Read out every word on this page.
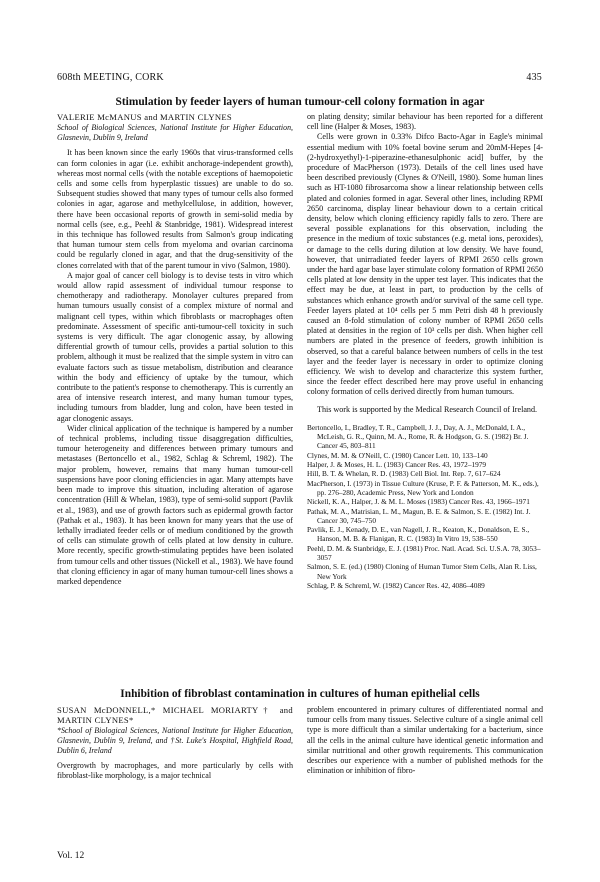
608th MEETING, CORK	435
Stimulation by feeder layers of human tumour-cell colony formation in agar
VALERIE McMANUS and MARTIN CLYNES
School of Biological Sciences, National Institute for Higher Education, Glasnevin, Dublin 9, Ireland

It has been known since the early 1960s that virus-transformed cells can form colonies in agar (i.e. exhibit anchorage-independent growth), whereas most normal cells (with the notable exceptions of haemopoietic cells and some cells from hyperplastic tissues) are unable to do so. Subsequent studies showed that many types of tumour cells also formed colonies in agar, agarose and methylcellulose, in addition, however, there have been occasional reports of growth in semi-solid media by normal cells (see, e.g., Peehl & Stanbridge, 1981). Widespread interest in this technique has followed results from Salmon's group indicating that human tumour stem cells from myeloma and ovarian carcinoma could be regularly cloned in agar, and that the drug-sensitivity of the clones correlated with that of the parent tumour in vivo (Salmon, 1980).

A major goal of cancer cell biology is to devise tests in vitro which would allow rapid assessment of individual tumour response to chemotherapy and radiotherapy. Monolayer cultures prepared from human tumours usually consist of a complex mixture of normal and malignant cell types, within which fibroblasts or macrophages often predominate. Assessment of specific anti-tumour-cell toxicity in such systems is very difficult. The agar clonogenic assay, by allowing differential growth of tumour cells, provides a partial solution to this problem, although it must be realized that the simple system in vitro can evaluate factors such as tissue metabolism, distribution and clearance within the body and efficiency of uptake by the tumour, which contribute to the patient's response to chemotherapy. This is currently an area of intensive research interest, and many human tumour types, including tumours from bladder, lung and colon, have been tested in agar clonogenic assays.

Wider clinical application of the technique is hampered by a number of technical problems, including tissue disaggregation difficulties, tumour heterogeneity and differences between primary tumours and metastases (Bertoncello et al., 1982, Schlag & Schreml, 1982). The major problem, however, remains that many human tumour-cell suspensions have poor cloning efficiencies in agar. Many attempts have been made to improve this situation, including alteration of agarose concentration (Hill & Whelan, 1983), type of semi-solid support (Pavlik et al., 1983), and use of growth factors such as epidermal growth factor (Pathak et al., 1983). It has been known for many years that the use of lethally irradiated feeder cells or of medium conditioned by the growth of cells can stimulate growth of cells plated at low density in culture. More recently, specific growth-stimulating peptides have been isolated from tumour cells and other tissues (Nickell et al., 1983). We have found that cloning efficiency in agar of many human tumour-cell lines shows a marked dependence

on plating density; similar behaviour has been reported for a different cell line (Halper & Moses, 1983).

Cells were grown in 0.33% Difco Bacto-Agar in Eagle's minimal essential medium with 10% foetal bovine serum and 20mM-Hepes [4-(2-hydroxyethyl)-1-piperazine-ethanesulphonic acid] buffer, by the procedure of MacPherson (1973). Details of the cell lines used have been described previously (Clynes & O'Neill, 1980). Some human lines such as HT-1080 fibrosarcoma show a linear relationship between cells plated and colonies formed in agar. Several other lines, including RPMI 2650 carcinoma, display linear behaviour down to a certain critical density, below which cloning efficiency rapidly falls to zero. There are several possible explanations for this observation, including the presence in the medium of toxic substances (e.g. metal ions, peroxides), or damage to the cells during dilution at low density. We have found, however, that unirradiated feeder layers of RPMI 2650 cells grown under the hard agar base layer stimulate colony formation of RPMI 2650 cells plated at low density in the upper test layer. This indicates that the effect may be due, at least in part, to production by the cells of substances which enhance growth and/or survival of the same cell type. Feeder layers plated at 10⁴ cells per 5 mm Petri dish 48 h previously caused an 8-fold stimulation of colony number of RPMI 2650 cells plated at densities in the region of 10³ cells per dish. When higher cell numbers are plated in the presence of feeders, growth inhibition is observed, so that a careful balance between numbers of cells in the test layer and the feeder layer is necessary in order to optimize cloning efficiency. We wish to develop and characterize this system further, since the feeder effect described here may prove useful in enhancing colony formation of cells derived directly from human tumours.

This work is supported by the Medical Research Council of Ireland.

Bertoncello, I., Bradley, T. R., Campbell, J. J., Day, A. J., McDonald, I. A., McLeish, G. R., Quinn, M. A., Rome, R. & Hodgson, G. S. (1982) Br. J. Cancer 45, 803–811

Clynes, M. M. & O'Neill, C. (1980) Cancer Lett. 10, 133–140

Halper, J. & Moses, H. L. (1983) Cancer Res. 43, 1972–1979

Hill, B. T. & Whelan, R. D. (1983) Cell Biol. Int. Rep. 7, 617–624

MacPherson, I. (1973) in Tissue Culture (Kruse, P. F. & Patterson, M. K., eds.), pp. 276–280, Academic Press, New York and London

Nickell, K. A., Halper, J. & M. L. Moses (1983) Cancer Res. 43, 1966–1971

Pathak, M. A., Matrisian, L. M., Magun, B. E. & Salmon, S. E. (1982) Int. J. Cancer 30, 745–750

Pavlik, E. J., Kenady, D. E., van Nagell, J. R., Keaton, K., Donaldson, E. S., Hanson, M. B. & Flanigan, R. C. (1983) In Vitro 19, 538–550

Peehl, D. M. & Stanbridge, E. J. (1981) Proc. Natl. Acad. Sci. U.S.A. 78, 3053–3057

Salmon, S. E. (ed.) (1980) Cloning of Human Tumor Stem Cells, Alan R. Liss, New York

Schlag, P. & Schreml, W. (1982) Cancer Res. 42, 4086–4089

Inhibition of fibroblast contamination in cultures of human epithelial cells
SUSAN McDONNELL,* MICHAEL MORIARTY† and MARTIN CLYNES*
*School of Biological Sciences, National Institute for Higher Education, Glasnevin, Dublin 9, Ireland, and †St. Luke's Hospital, Highfield Road, Dublin 6, Ireland

Overgrowth by macrophages, and more particularly by cells with fibroblast-like morphology, is a major technical

problem encountered in primary cultures of differentiated normal and tumour cells from many tissues. Selective culture of a single animal cell type is more difficult than a similar undertaking for a bacterium, since all the cells in the animal culture have identical genetic information and similar nutritional and other growth requirements. This communication describes our experience with a number of published methods for the elimination or inhibition of fibro-

Vol. 12
